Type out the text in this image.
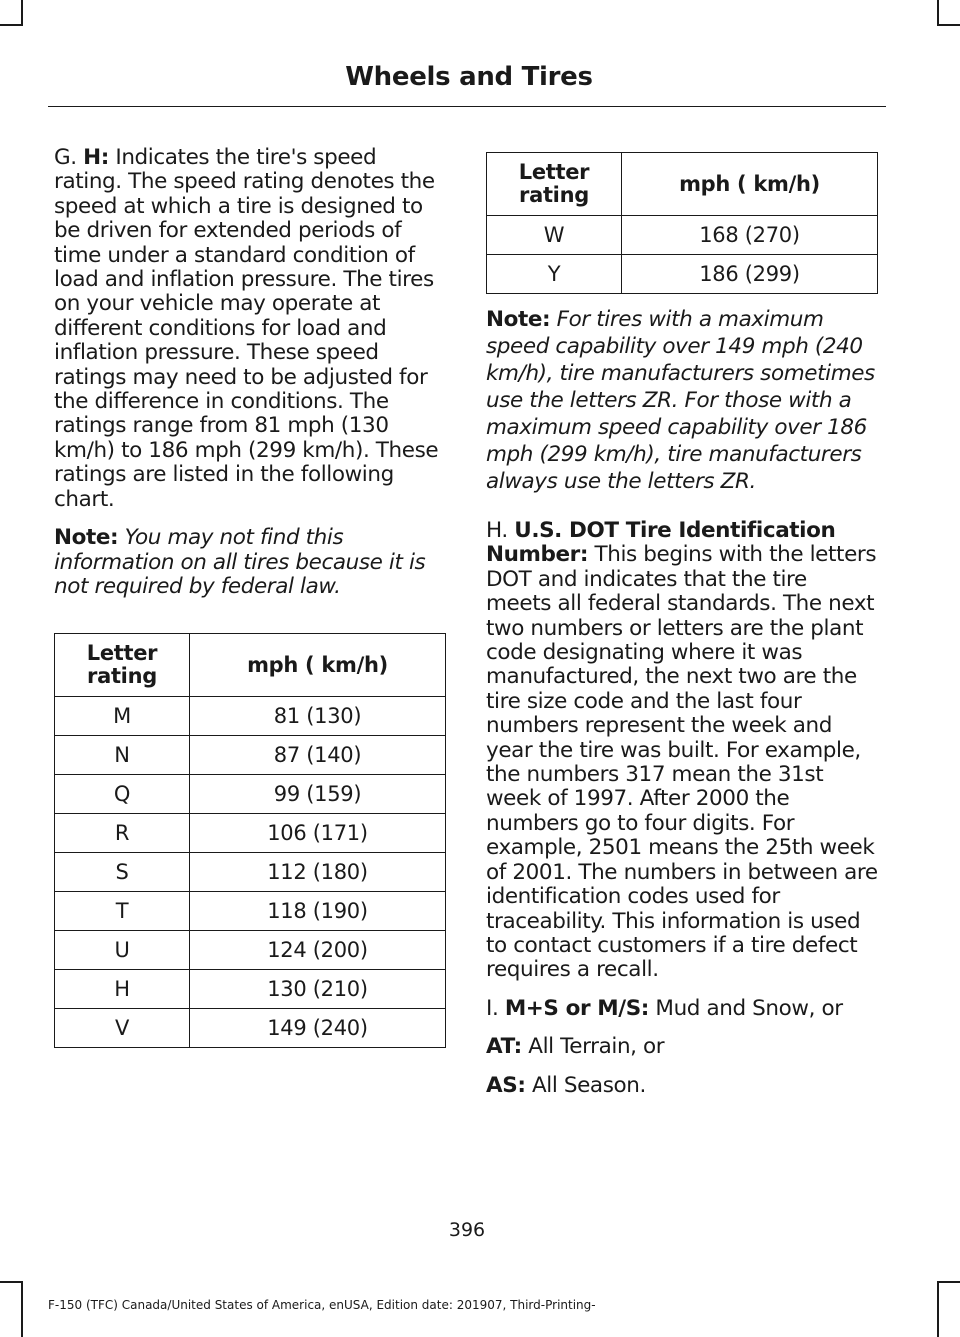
Wheels and Tires

G. H: Indicates the tire's speed rating. The speed rating denotes the speed at which a tire is designed to be driven for extended periods of time under a standard condition of load and inflation pressure. The tires on your vehicle may operate at different conditions for load and inflation pressure. These speed ratings may need to be adjusted for the difference in conditions. The ratings range from 81 mph (130 km/h) to 186 mph (299 km/h). These ratings are listed in the following chart.

Note: You may not find this information on all tires because it is not required by federal law.

Letter rating	mph ( km/h)
M	81 (130)
N	87 (140)
Q	99 (159)
R	106 (171)
S	112 (180)
T	118 (190)
U	124 (200)
H	130 (210)
V	149 (240)
Letter rating	mph ( km/h)
W	168 (270)
Y	186 (299)

Note: For tires with a maximum speed capability over 149 mph (240 km/h), tire manufacturers sometimes use the letters ZR. For those with a maximum speed capability over 186 mph (299 km/h), tire manufacturers always use the letters ZR.

H. U.S. DOT Tire Identification Number: This begins with the letters DOT and indicates that the tire meets all federal standards. The next two numbers or letters are the plant code designating where it was manufactured, the next two are the tire size code and the last four numbers represent the week and year the tire was built. For example, the numbers 317 mean the 31st week of 1997. After 2000 the numbers go to four digits. For example, 2501 means the 25th week of 2001. The numbers in between are identification codes used for traceability. This information is used to contact customers if a tire defect requires a recall.

I. M+S or M/S: Mud and Snow, or

AT: All Terrain, or

AS: All Season.

396
F-150 (TFC) Canada/United States of America, enUSA, Edition date: 201907, Third-Printing-
